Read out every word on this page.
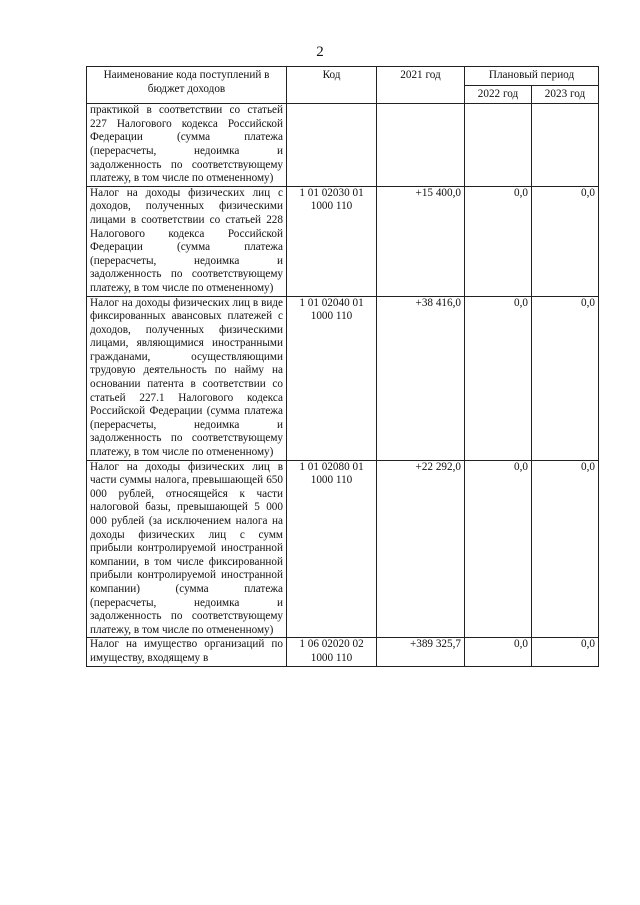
2
Наименование кода поступлений в бюджет доходов	Код	2021 год	Плановый период	
			2022 год	2023 год
практикой в соответствии со статьей 227 Налогового кодекса Российской Федерации (сумма платежа (перерасчеты, недоимка и задолженность по соответствующему платежу, в том числе по отмененному)				
Налог на доходы физических лиц с доходов, полученных физическими лицами в соответствии со статьей 228 Налогового кодекса Российской Федерации (сумма платежа (перерасчеты, недоимка и задолженность по соответствующему платежу, в том числе по отмененному)	1 01 02030 01 1000 110	+15 400,0	0,0	0,0
Налог на доходы физических лиц в виде фиксированных авансовых платежей с доходов, полученных физическими лицами, являющимися иностранными гражданами, осуществляющими трудовую деятельность по найму на основании патента в соответствии со статьей 227.1 Налогового кодекса Российской Федерации (сумма платежа (перерасчеты, недоимка и задолженность по соответствующему платежу, в том числе по отмененному)	1 01 02040 01 1000 110	+38 416,0	0,0	0,0
Налог на доходы физических лиц в части суммы налога, превышающей 650 000 рублей, относящейся к части налоговой базы, превышающей 5 000 000 рублей (за исключением налога на доходы физических лиц с сумм прибыли контролируемой иностранной компании, в том числе фиксированной прибыли контролируемой иностранной компании) (сумма платежа (перерасчеты, недоимка и задолженность по соответствующему платежу, в том числе по отмененному)	1 01 02080 01 1000 110	+22 292,0	0,0	0,0
Налог на имущество организаций по имуществу, входящему в	1 06 02020 02 1000 110	+389 325,7	0,0	0,0
